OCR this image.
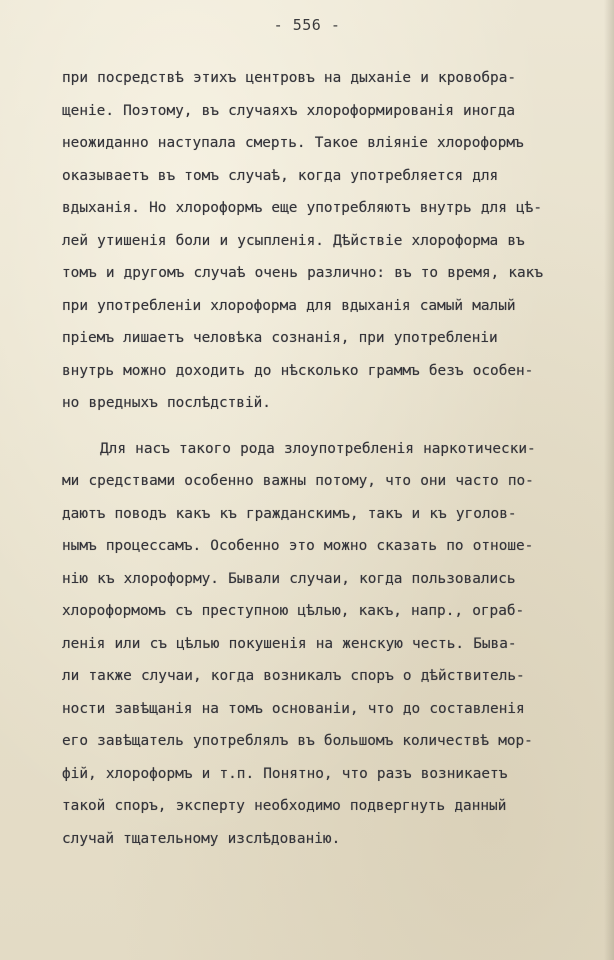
- 556 -
при посредствѣ этихъ центровъ на дыханіе и кровобра-
щеніе. Поэтому, въ случаяхъ хлороформированія иногда
неожиданно наступала смерть. Такое вліяніе хлороформъ
оказываетъ въ томъ случаѣ, когда употребляется для
вдыханія. Но хлороформъ еще употребляютъ внутрь для цѣ-
лей утишенія боли и усыпленія. Дѣйствіе хлороформа въ
томъ и другомъ случаѣ очень различно: въ то время, какъ
при употребленіи хлороформа для вдыханія самый малый
пріемъ лишаетъ человѣка сознанія, при употребленіи
внутрь можно доходить до нѣсколько граммъ безъ особен-
но вредныхъ послѣдствій.
Для насъ такого рода злоупотребленія наркотически-
ми средствами особенно важны потому, что они часто по-
даютъ поводъ какъ къ гражданскимъ, такъ и къ уголов-
нымъ процессамъ. Особенно это можно сказать по отноше-
нію къ хлороформу. Бывали случаи, когда пользовались
хлороформомъ съ преступною цѣлью, какъ, напр., ограб-
ленія или съ цѣлью покушенія на женскую честь. Быва-
ли также случаи, когда возникалъ споръ о дѣйствитель-
ности завѣщанія на томъ основаніи, что до составленія
его завѣщатель употреблялъ въ большомъ количествѣ мор-
фій, хлороформъ и т.п. Понятно, что разъ возникаетъ
такой споръ, эксперту необходимо подвергнуть данный
случай тщательному изслѣдованію.
